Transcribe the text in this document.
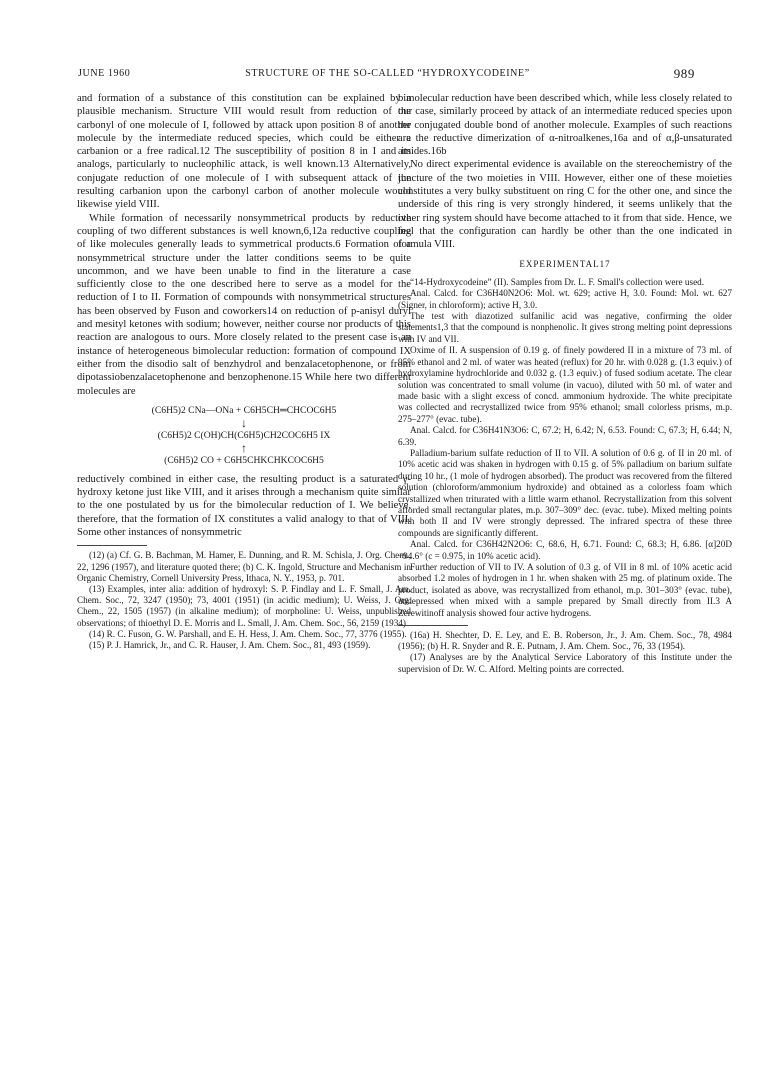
JUNE 1960	STRUCTURE OF THE SO-CALLED “HYDROXYCODEINE”	989

and formation of a substance of this constitution can be explained by a plausible mechanism. Structure VIII would result from reduction of the carbonyl of one molecule of I, followed by attack upon position 8 of another molecule by the intermediate reduced species, which could be either a carbanion or a free radical.12 The susceptibility of position 8 in I and its analogs, particularly to nucleophilic attack, is well known.13 Alternatively, conjugate reduction of one molecule of I with subsequent attack of the resulting carbanion upon the carbonyl carbon of another molecule would likewise yield VIII.

While formation of necessarily nonsymmetrical products by reductive coupling of two different substances is well known,6,12a reductive coupling of like molecules generally leads to symmetrical products.6 Formation of a nonsymmetrical structure under the latter conditions seems to be quite uncommon, and we have been unable to find in the literature a case sufficiently close to the one described here to serve as a model for the reduction of I to II. Formation of compounds with nonsymmetrical structures has been observed by Fuson and coworkers14 on reduction of p-anisyl duryl and mesityl ketones with sodium; however, neither course nor products of this reaction are analogous to ours. More closely related to the present case is an instance of heterogeneous bimolecular reduction: formation of compound IX either from the disodio salt of benzhydrol and benzalacetophenone, or from dipotassiobenzalacetophenone and benzophenone.15 While here two different molecules are

(C6H5)2 CNa—ONa + C6H5CH═CHCOC6H5
↓
(C6H5)2 C(OH)CH(C6H5)CH2COC6H5 IX
↑
(C6H5)2 CO + C6H5CHKCHKCOC6H5

reductively combined in either case, the resulting product is a saturated γ-hydroxy ketone just like VIII, and it arises through a mechanism quite similar to the one postulated by us for the bimolecular reduction of I. We believe, therefore, that the formation of IX constitutes a valid analogy to that of VIII. Some other instances of nonsymmetric

(12) (a) Cf. G. B. Bachman, M. Hamer, E. Dunning, and R. M. Schisla, J. Org. Chem., 22, 1296 (1957), and literature quoted there; (b) C. K. Ingold, Structure and Mechanism in Organic Chemistry, Cornell University Press, Ithaca, N. Y., 1953, p. 701.

(13) Examples, inter alia: addition of hydroxyl: S. P. Findlay and L. F. Small, J. Am. Chem. Soc., 72, 3247 (1950); 73, 4001 (1951) (in acidic medium); U. Weiss, J. Org. Chem., 22, 1505 (1957) (in alkaline medium); of morpholine: U. Weiss, unpublished observations; of thioethyl D. E. Morris and L. Small, J. Am. Chem. Soc., 56, 2159 (1934).

(14) R. C. Fuson, G. W. Parshall, and E. H. Hess, J. Am. Chem. Soc., 77, 3776 (1955).

(15) P. J. Hamrick, Jr., and C. R. Hauser, J. Am. Chem. Soc., 81, 493 (1959).

bimolecular reduction have been described which, while less closely related to our case, similarly proceed by attack of an intermediate reduced species upon the conjugated double bond of another molecule. Examples of such reactions are the reductive dimerization of α-nitroalkenes,16a and of α,β-unsaturated amides.16b

No direct experimental evidence is available on the stereochemistry of the juncture of the two moieties in VIII. However, either one of these moieties constitutes a very bulky substituent on ring C for the other one, and since the underside of this ring is very strongly hindered, it seems unlikely that the other ring system should have become attached to it from that side. Hence, we feel that the configuration can hardly be other than the one indicated in formula VIII.

EXPERIMENTAL17

“14-Hydroxycodeine” (II). Samples from Dr. L. F. Small's collection were used.

Anal. Calcd. for C36H40N2O6: Mol. wt. 629; active H, 3.0. Found: Mol. wt. 627 (Signer, in chloroform); active H, 3.0.

The test with diazotized sulfanilic acid was negative, confirming the older statements1,3 that the compound is nonphenolic. It gives strong melting point depressions with IV and VII.

Oxime of II. A suspension of 0.19 g. of finely powdered II in a mixture of 73 ml. of 95% ethanol and 2 ml. of water was heated (reflux) for 20 hr. with 0.028 g. (1.3 equiv.) of hydroxylamine hydrochloride and 0.032 g. (1.3 equiv.) of fused sodium acetate. The clear solution was concentrated to small volume (in vacuo), diluted with 50 ml. of water and made basic with a slight excess of concd. ammonium hydroxide. The white precipitate was collected and recrystallized twice from 95% ethanol; small colorless prisms, m.p. 275–277° (evac. tube).

Anal. Calcd. for C36H41N3O6: C, 67.2; H, 6.42; N, 6.53. Found: C, 67.3; H, 6.44; N, 6.39.

Palladium-barium sulfate reduction of II to VII. A solution of 0.6 g. of II in 20 ml. of 10% acetic acid was shaken in hydrogen with 0.15 g. of 5% palladium on barium sulfate during 10 hr., (1 mole of hydrogen absorbed). The product was recovered from the filtered solution (chloroform/ammonium hydroxide) and obtained as a colorless foam which crystallized when triturated with a little warm ethanol. Recrystallization from this solvent afforded small rectangular plates, m.p. 307–309° dec. (evac. tube). Mixed melting points with both II and IV were strongly depressed. The infrared spectra of these three compounds are significantly different.

Anal. Calcd. for C36H42N2O6: C, 68.6, H, 6.71. Found: C, 68.3; H, 6.86. [α]20D −94.6° (c = 0.975, in 10% acetic acid).

Further reduction of VII to IV. A solution of 0.3 g. of VII in 8 ml. of 10% acetic acid absorbed 1.2 moles of hydrogen in 1 hr. when shaken with 25 mg. of platinum oxide. The product, isolated as above, was recrystallized from ethanol, m.p. 301–303° (evac. tube), undepressed when mixed with a sample prepared by Small directly from II.3 A Zerewitinoff analysis showed four active hydrogens.

(16a) H. Shechter, D. E. Ley, and E. B. Roberson, Jr., J. Am. Chem. Soc., 78, 4984 (1956); (b) H. R. Snyder and R. E. Putnam, J. Am. Chem. Soc., 76, 33 (1954).

(17) Analyses are by the Analytical Service Laboratory of this Institute under the supervision of Dr. W. C. Alford. Melting points are corrected.
